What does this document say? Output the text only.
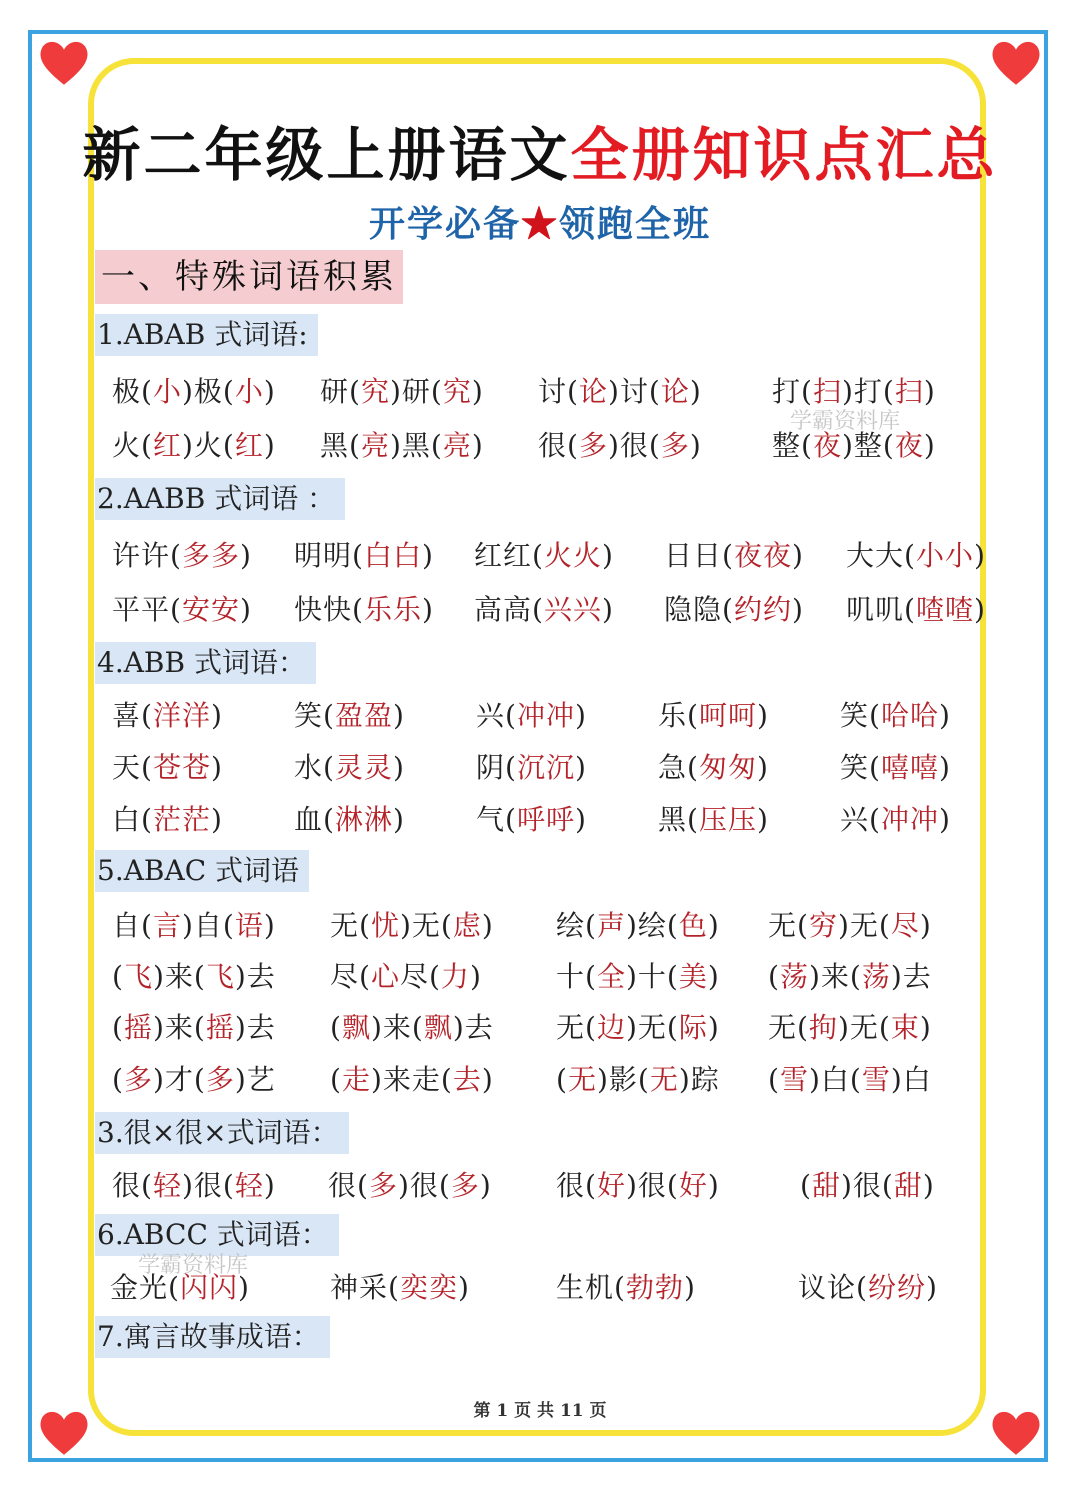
新二年级上册语文全册知识点汇总
开学必备★领跑全班
一、特殊词语积累
1.ABAB 式词语:
2.AABB 式词语 ：
4.ABB 式词语：
5.ABAC 式词语
3.很×很×式词语：
6.ABCC 式词语：
7.寓言故事成语：
第 1 页 共 11 页
学霸资料库
学霸资料库
极(小)极(小) 研(究)研(究) 讨(论)讨(论)	打(扫)打(扫)
火(红)火(红) 黑(亮)黑(亮) 很(多)很(多)	整(夜)整(夜)
许许(多多) 明明(白白) 红红(火火) 日日(夜夜) 大大(小小)
平平(安安) 快快(乐乐) 高高(兴兴) 隐隐(约约) 叽叽(喳喳)
喜(洋洋)	笑(盈盈)	兴(冲冲)	乐(呵呵)	笑(哈哈)
天(苍苍)	水(灵灵)	阴(沉沉)	急(匆匆)	笑(嘻嘻)
白(茫茫)	血(淋淋)	气(呼呼)	黑(压压)	兴(冲冲)
自(言)自(语) 无(忧)无(虑) 绘(声)绘(色) 无(穷)无(尽)
(飞)来(飞)去 尽(心尽(力)	十(全)十(美) (荡)来(荡)去
(摇)来(摇)去 (飘)来(飘)去 无(边)无(际) 无(拘)无(束)
(多)才(多)艺 (走)来走(去) (无)影(无)踪 (雪)白(雪)白
很(轻)很(轻) 很(多)很(多) 很(好)很(好)	(甜)很(甜)
金光(闪闪)	神采(奕奕)	生机(勃勃)	议论(纷纷)
